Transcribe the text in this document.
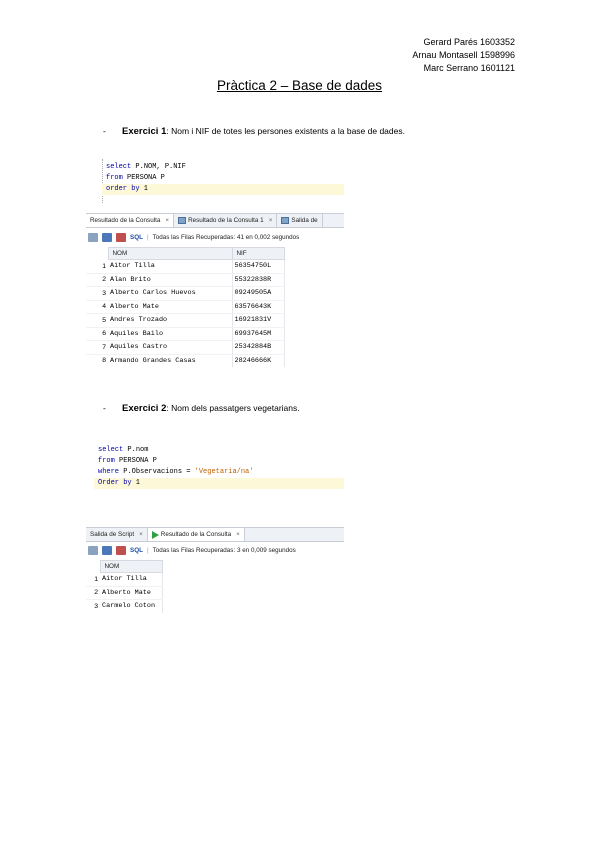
Gerard Parés 1603352
Arnau Montasell 1598996
Marc Serrano 1601121
Pràctica 2 – Base de dades
-	Exercici 1 : Nom i NIF de totes les persones existents a la base de dades.
select P.NOM, P.NIF
from PERSONA P
order by 1
Resultado de la Consulta ×	Resultado de la Consulta 1 ×	Salida de
SQL | Todas las Filas Recuperadas: 41 en 0,002 segundos
	NOM	NIF	
1	Aitor Tilla	56354750L	
2	Alan Brito	55322838R	
3	Alberto Carlos Huevos	09249505A	
4	Alberto Mate	63576643K	
5	Andres Trozado	16921831V	
6	Aquiles Bailo	69937645M	
7	Aquiles Castro	25342884B	
8	Armando Grandes Casas	28246666K	
-	Exercici 2 : Nom dels passatgers vegetarians.
select P.nom
from PERSONA P
where P.Observacions = 'Vegetaria/na'
Order by 1
Salida de Script ×	Resultado de la Consulta ×
SQL | Todas las Filas Recuperadas: 3 en 0,009 segundos
	NOM	
1	Aitor Tilla	
2	Alberto Mate	
3	Carmelo Coton	
